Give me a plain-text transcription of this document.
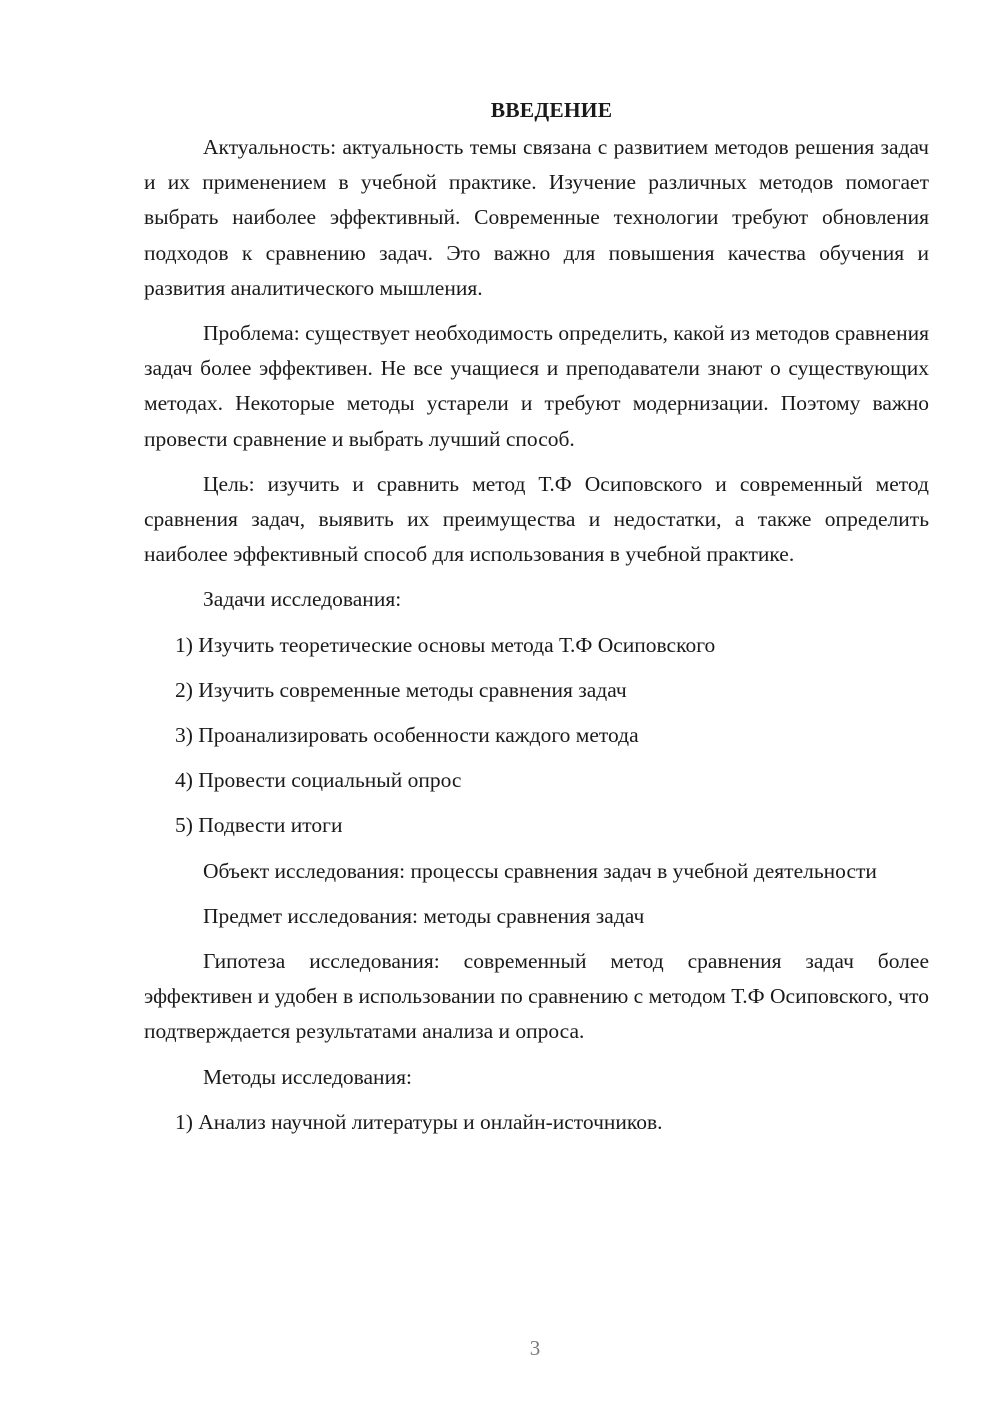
ВВЕДЕНИЕ

Актуальность: актуальность темы связана с развитием методов решения задач и их применением в учебной практике. Изучение различных методов помогает выбрать наиболее эффективный. Современные технологии требуют обновления подходов к сравнению задач. Это важно для повышения качества обучения и развития аналитического мышления.

Проблема: существует необходимость определить, какой из методов сравнения задач более эффективен. Не все учащиеся и преподаватели знают о существующих методах. Некоторые методы устарели и требуют модернизации. Поэтому важно провести сравнение и выбрать лучший способ.

Цель: изучить и сравнить метод Т.Ф Осиповского и современный метод сравнения задач, выявить их преимущества и недостатки, а также определить наиболее эффективный способ для использования в учебной практике.

Задачи исследования:

1) Изучить теоретические основы метода Т.Ф Осиповского
2) Изучить современные методы сравнения задач
3) Проанализировать особенности каждого метода
4) Провести социальный опрос
5) Подвести итоги

Объект исследования: процессы сравнения задач в учебной деятельности

Предмет исследования: методы сравнения задач

Гипотеза исследования: современный метод сравнения задач более эффективен и удобен в использовании по сравнению с методом Т.Ф Осиповского, что подтверждается результатами анализа и опроса.

Методы исследования:

1) Анализ научной литературы и онлайн-источников.
3
